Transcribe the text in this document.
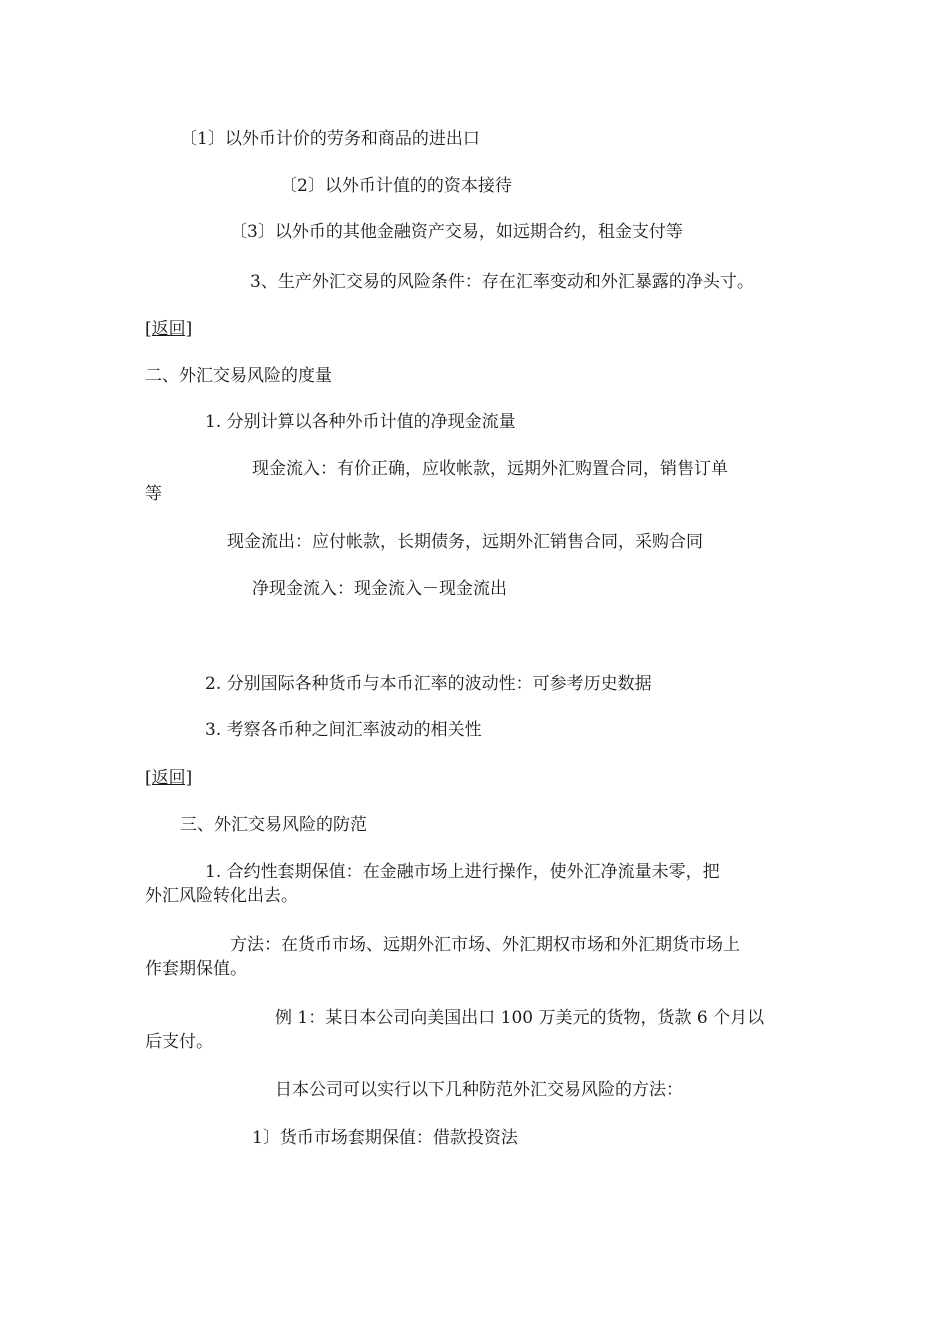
〔1〕以外币计价的劳务和商品的进出口
〔2〕以外币计值的的资本接待
〔3〕以外币的其他金融资产交易，如远期合约，租金支付等
3、生产外汇交易的风险条件：存在汇率变动和外汇暴露的净头寸。
[返回]
二、外汇交易风险的度量
1. 分别计算以各种外币计值的净现金流量
现金流入：有价正确，应收帐款，远期外汇购置合同，销售订单
等
现金流出：应付帐款，长期债务，远期外汇销售合同，采购合同
净现金流入：现金流入－现金流出
2. 分别国际各种货币与本币汇率的波动性：可参考历史数据
3. 考察各币种之间汇率波动的相关性
[返回]
三、外汇交易风险的防范
1. 合约性套期保值：在金融市场上进行操作，使外汇净流量未零，把
外汇风险转化出去。
方法：在货币市场、远期外汇市场、外汇期权市场和外汇期货市场上
作套期保值。
例 1：某日本公司向美国出口 100 万美元的货物，货款 6 个月以
后支付。
日本公司可以实行以下几种防范外汇交易风险的方法：
1〕货币市场套期保值：借款投资法
